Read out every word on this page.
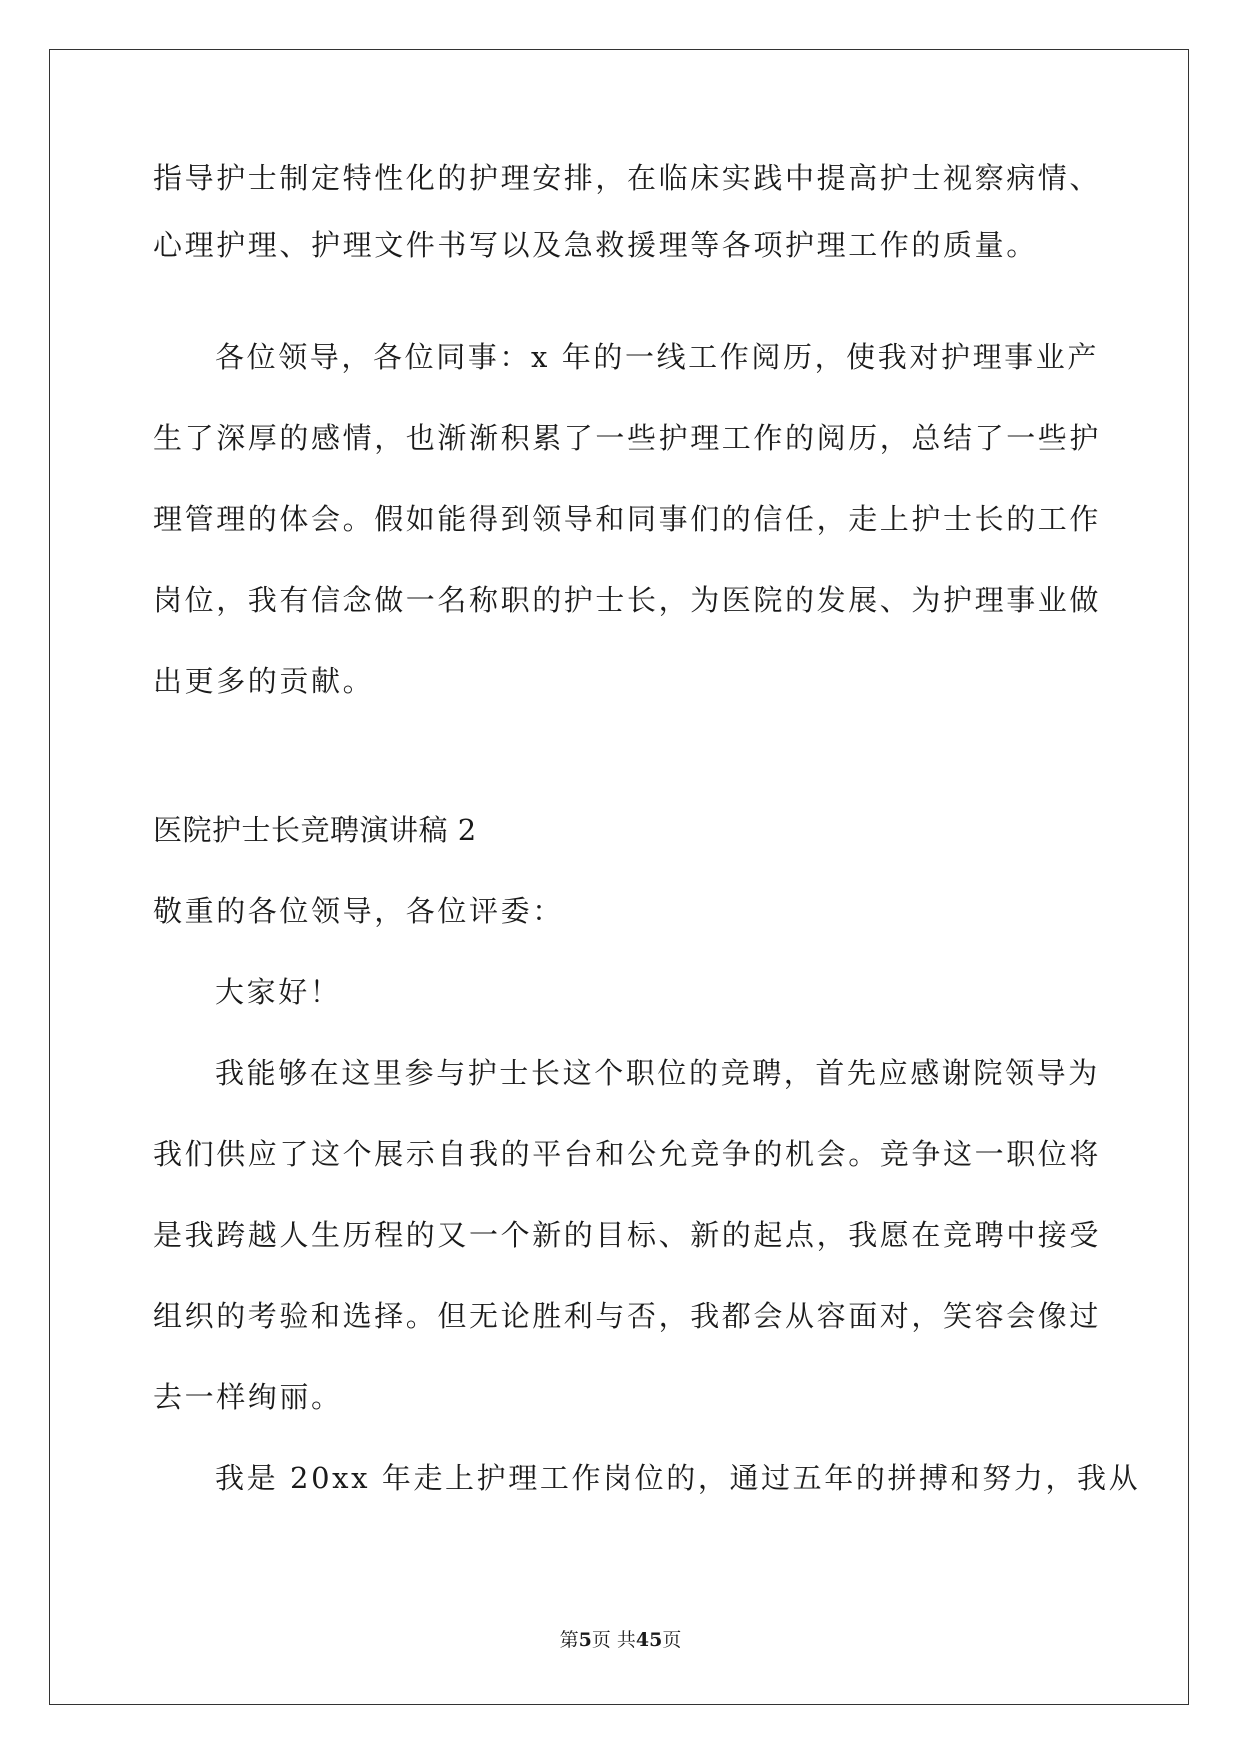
指导护士制定特性化的护理安排，在临床实践中提高护士视察病情、
心理护理、护理文件书写以及急救援理等各项护理工作的质量。
各位领导，各位同事：x 年的一线工作阅历，使我对护理事业产
生了深厚的感情，也渐渐积累了一些护理工作的阅历，总结了一些护
理管理的体会。假如能得到领导和同事们的信任，走上护士长的工作
岗位，我有信念做一名称职的护士长，为医院的发展、为护理事业做
出更多的贡献。
医院护士长竞聘演讲稿 2
敬重的各位领导，各位评委：
大家好！
我能够在这里参与护士长这个职位的竞聘，首先应感谢院领导为
我们供应了这个展示自我的平台和公允竞争的机会。竞争这一职位将
是我跨越人生历程的又一个新的目标、新的起点，我愿在竞聘中接受
组织的考验和选择。但无论胜利与否，我都会从容面对，笑容会像过
去一样绚丽。
我是 20xx 年走上护理工作岗位的，通过五年的拼搏和努力，我从
第5页 共45页
